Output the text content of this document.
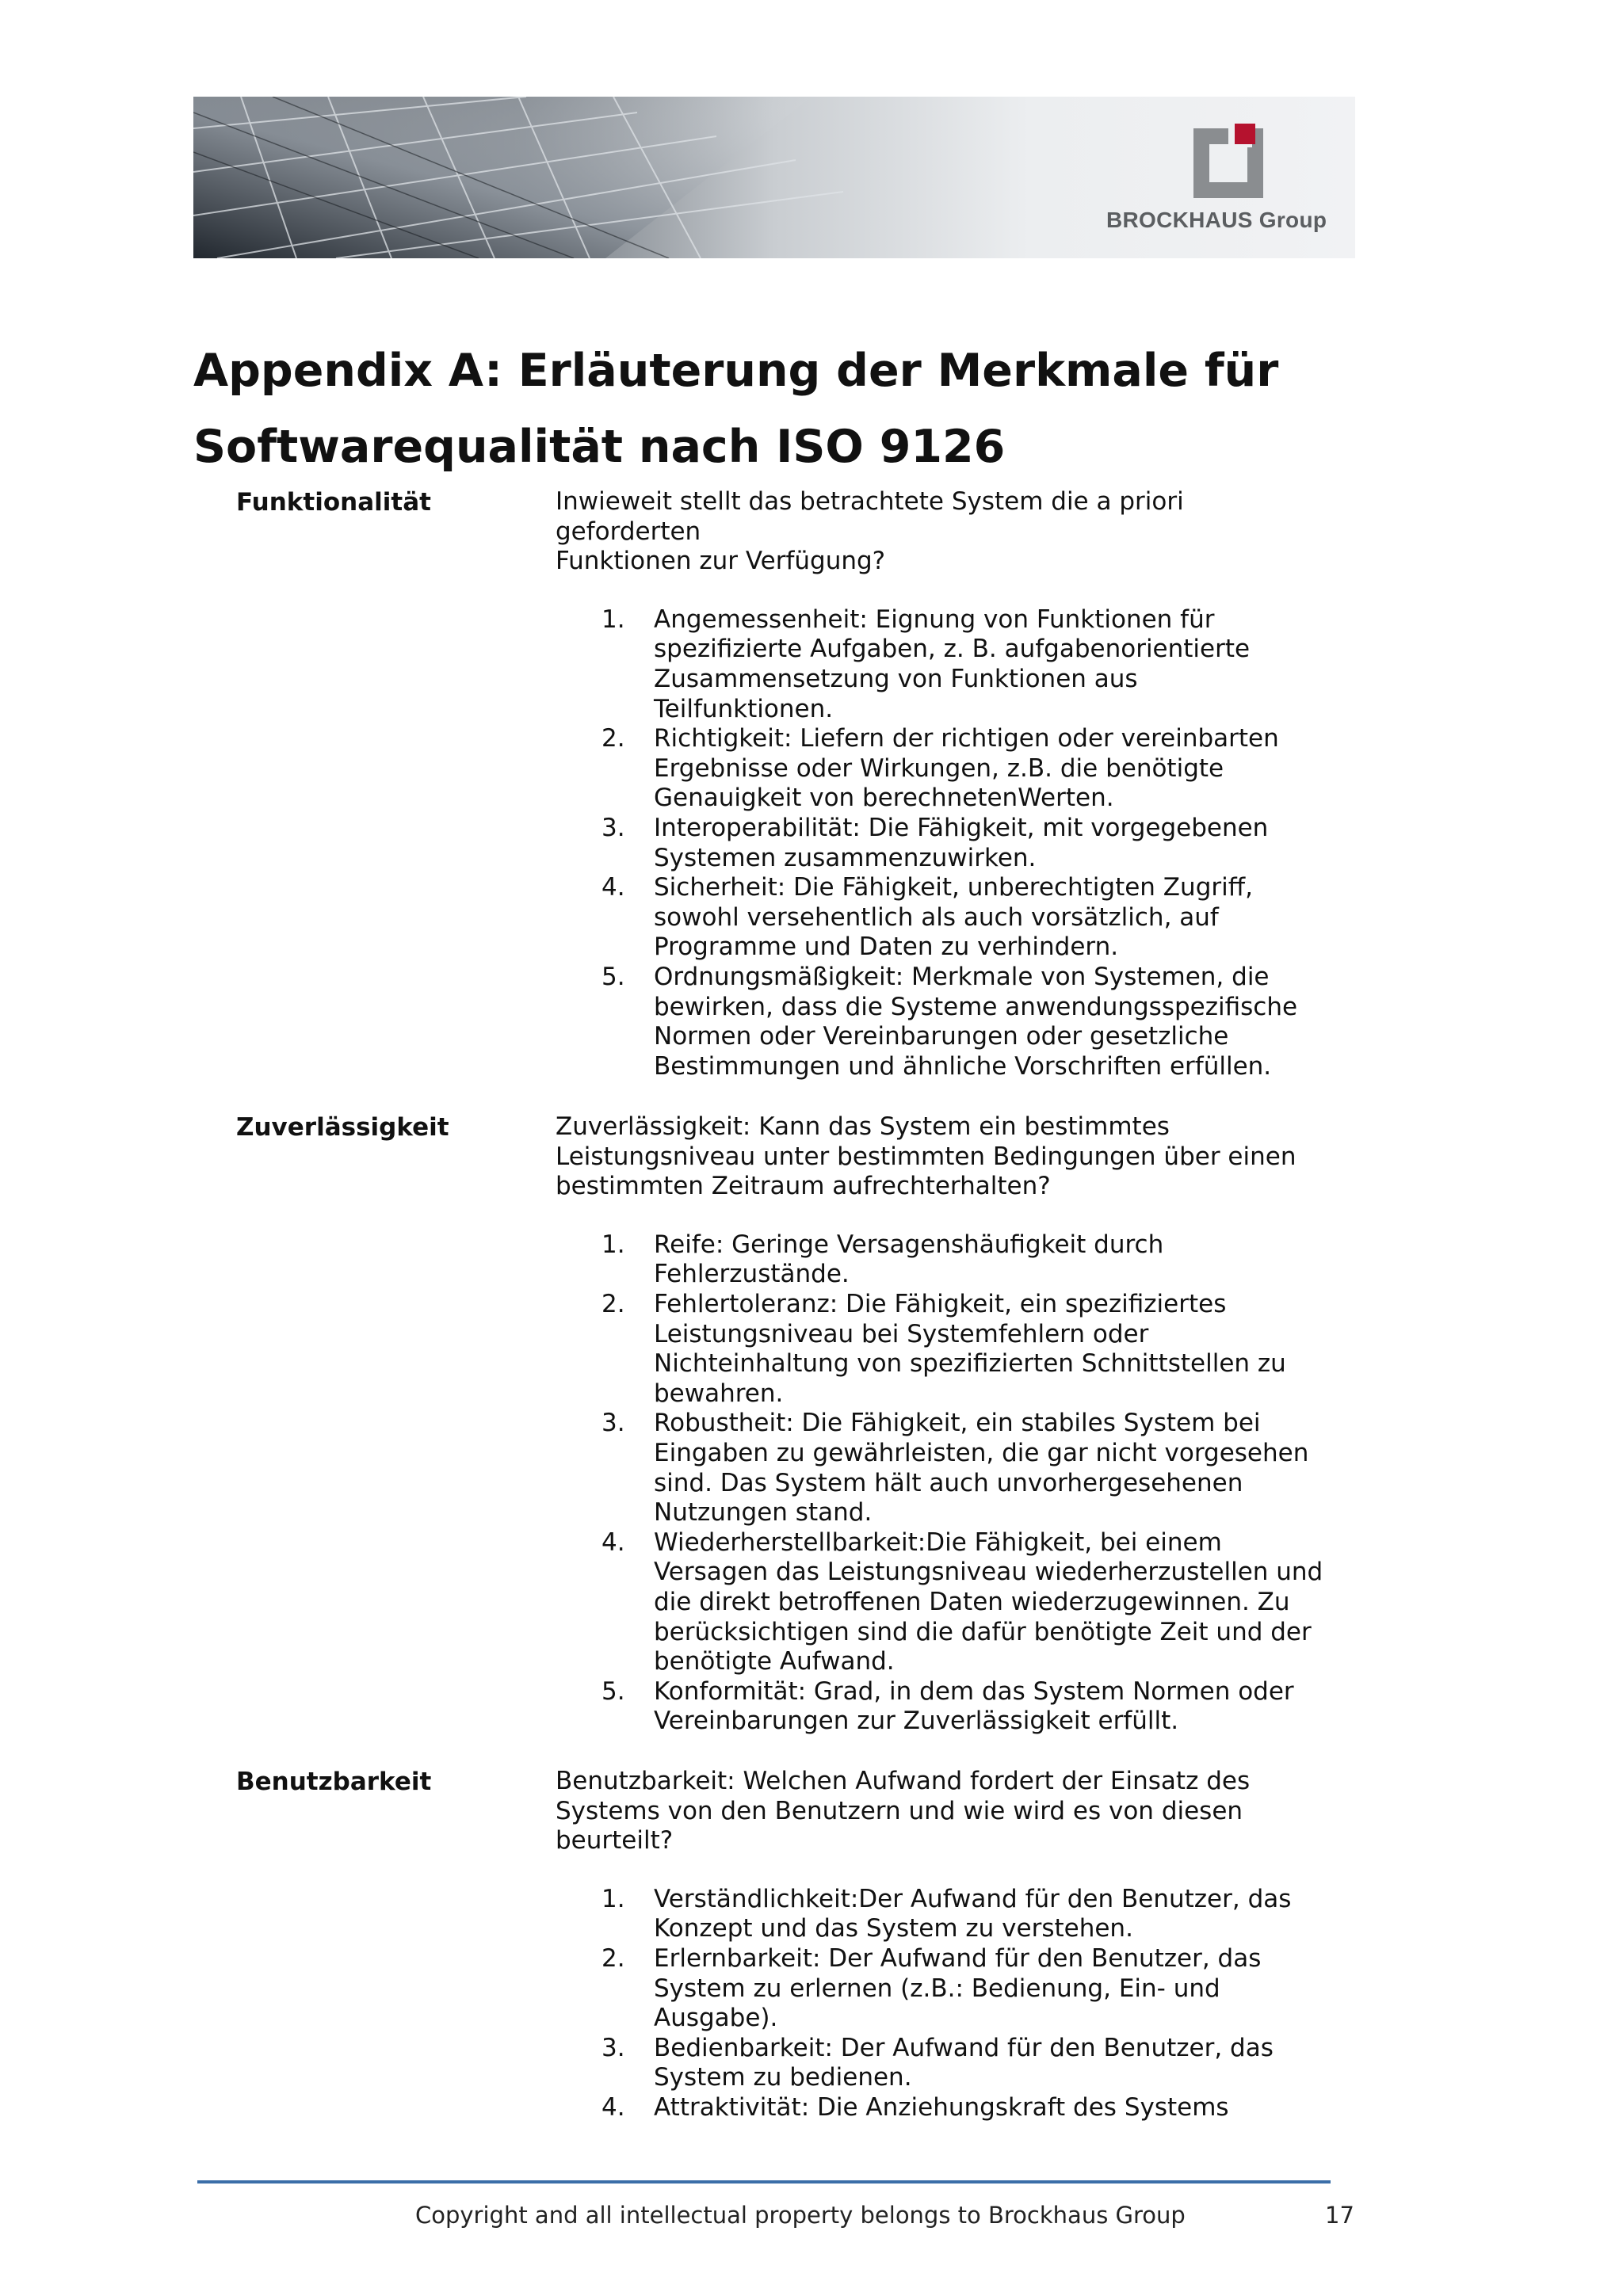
BROCKHAUS Group
Appendix A: Erläuterung der Merkmale für
Softwarequalität nach ISO 9126
Funktionalität	Inwieweit stellt das betrachtete System die a priori
geforderten
Funktionen zur Verfügung?

1.	Angemessenheit: Eignung von Funktionen für
spezifizierte Aufgaben, z. B. aufgabenorientierte
Zusammensetzung von Funktionen aus
Teilfunktionen.
2.	Richtigkeit: Liefern der richtigen oder vereinbarten
Ergebnisse oder Wirkungen, z.B. die benötigte
Genauigkeit von berechnetenWerten.
3.	Interoperabilität: Die Fähigkeit, mit vorgegebenen
Systemen zusammenzuwirken.
4.	Sicherheit: Die Fähigkeit, unberechtigten Zugriff,
sowohl versehentlich als auch vorsätzlich, auf
Programme und Daten zu verhindern.
5.	Ordnungsmäßigkeit: Merkmale von Systemen, die
bewirken, dass die Systeme anwendungsspezifische
Normen oder Vereinbarungen oder gesetzliche
Bestimmungen und ähnliche Vorschriften erfüllen.
Zuverlässigkeit	Zuverlässigkeit: Kann das System ein bestimmtes
Leistungsniveau unter bestimmten Bedingungen über einen
bestimmten Zeitraum aufrechterhalten?

1.	Reife: Geringe Versagenshäufigkeit durch
Fehlerzustände.
2.	Fehlertoleranz: Die Fähigkeit, ein spezifiziertes
Leistungsniveau bei Systemfehlern oder
Nichteinhaltung von spezifizierten Schnittstellen zu
bewahren.
3.	Robustheit: Die Fähigkeit, ein stabiles System bei
Eingaben zu gewährleisten, die gar nicht vorgesehen
sind. Das System hält auch unvorhergesehenen
Nutzungen stand.
4.	Wiederherstellbarkeit:Die Fähigkeit, bei einem
Versagen das Leistungsniveau wiederherzustellen und
die direkt betroffenen Daten wiederzugewinnen. Zu
berücksichtigen sind die dafür benötigte Zeit und der
benötigte Aufwand.
5.	Konformität: Grad, in dem das System Normen oder
Vereinbarungen zur Zuverlässigkeit erfüllt.
Benutzbarkeit	Benutzbarkeit: Welchen Aufwand fordert der Einsatz des
Systems von den Benutzern und wie wird es von diesen
beurteilt?

1.	Verständlichkeit:Der Aufwand für den Benutzer, das
Konzept und das System zu verstehen.
2.	Erlernbarkeit: Der Aufwand für den Benutzer, das
System zu erlernen (z.B.: Bedienung, Ein- und
Ausgabe).
3.	Bedienbarkeit: Der Aufwand für den Benutzer, das
System zu bedienen.
4.	Attraktivität: Die Anziehungskraft des Systems
Copyright and all intellectual property belongs to Brockhaus Group	17
